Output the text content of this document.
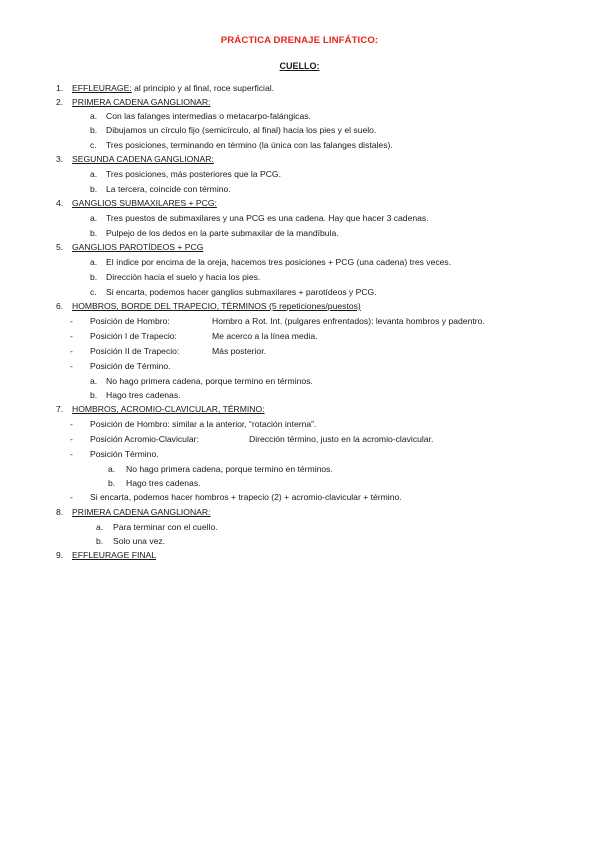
PRÁCTICA DRENAJE LINFÁTICO:
CUELLO:
1. EFFLEURAGE: al principio y al final, roce superficial.
2. PRIMERA CADENA GANGLIONAR:
a. Con las falanges intermedias o metacarpo-falángicas.
b. Dibujamos un círculo fijo (semicírculo, al final) hacia los pies y el suelo.
c. Tres posiciones, terminando en término (la única con las falanges distales).
3. SEGUNDA CADENA GANGLIONAR:
a. Tres posiciones, más posteriores que la PCG.
b. La tercera, coincide con término.
4. GANGLIOS SUBMAXILARES + PCG:
a. Tres puestos de submaxilares y una PCG es una cadena. Hay que hacer 3 cadenas.
b. Pulpejo de los dedos en la parte submaxilar de la mandíbula.
5. GANGLIOS PAROTÍDEOS + PCG
a. El índice por encima de la oreja, hacemos tres posiciones + PCG (una cadena) tres veces.
b. Dirección hacia el suelo y hacia los pies.
c. Si encarta, podemos hacer ganglios submaxilares + parotídeos y PCG.
6. HOMBROS, BORDE DEL TRAPECIO, TÉRMINOS (5 repeticiones/puestos)
- Posición de Hombro:	Hombro a Rot. Int. (pulgares enfrentados): levanta hombros y padentro.
- Posición I de Trapecio:	Me acerco a la línea media.
- Posición II de Trapecio:	Más posterior.
- Posición de Término.
a. No hago primera cadena, porque termino en términos.
b. Hago tres cadenas.
7. HOMBROS, ACROMIO-CLAVICULAR, TÉRMINO:
- Posición de Hombro: similar a la anterior, “rotación interna”.
- Posición Acromio-Clavicular:	Dirección término, justo en la acromio-clavicular.
- Posición Término.
a. No hago primera cadena, porque termino en términos.
b. Hago tres cadenas.
- Si encarta, podemos hacer hombros + trapecio (2) + acromio-clavicular + término.
8. PRIMERA CADENA GANGLIONAR:
a. Para terminar con el cuello.
b. Solo una vez.
9. EFFLEURAGE FINAL
